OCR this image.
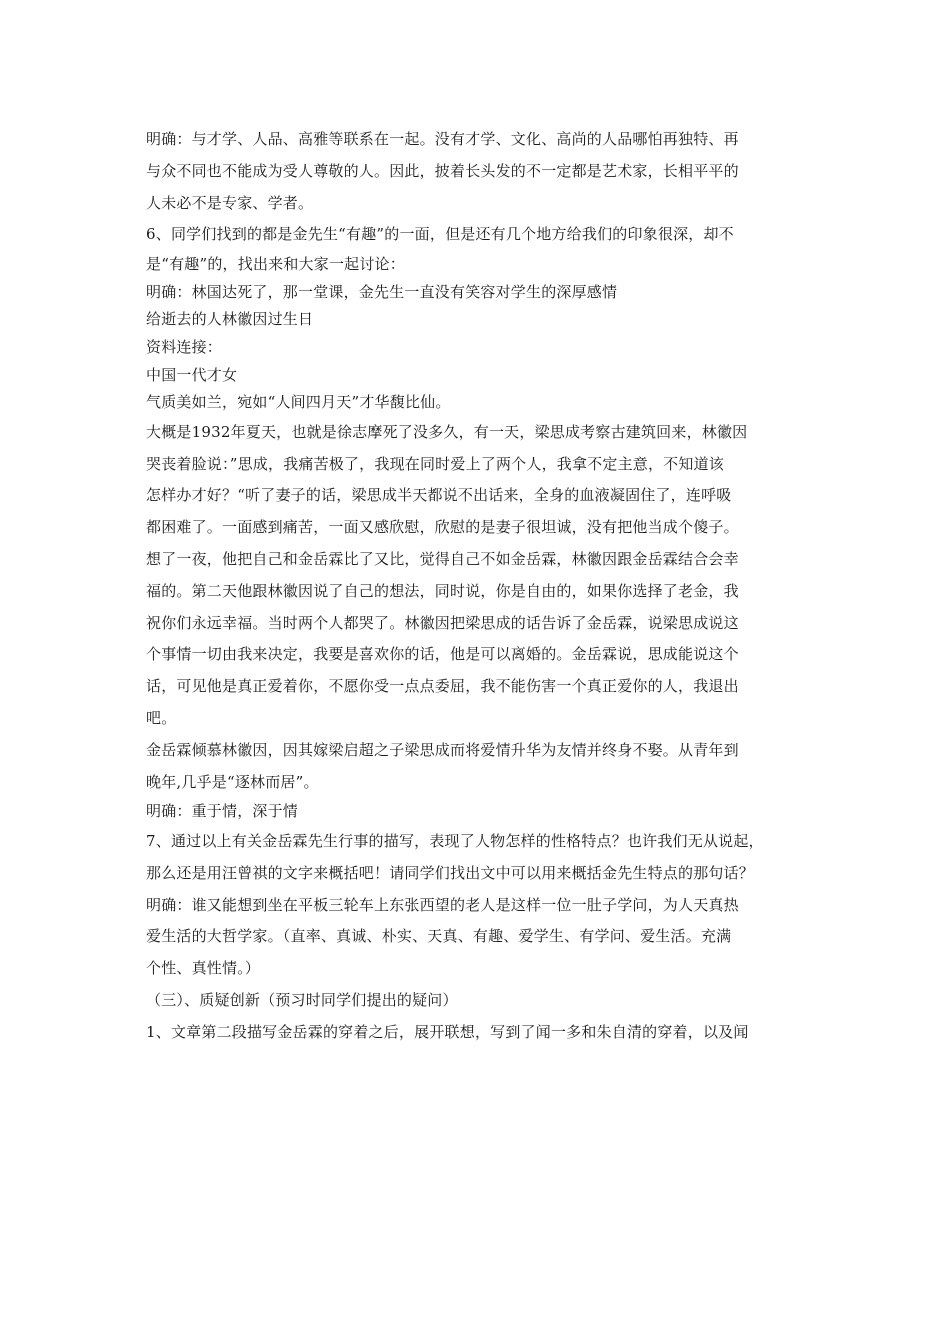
明确：与才学、人品、高雅等联系在一起。没有才学、文化、高尚的人品哪怕再独特、再
与众不同也不能成为受人尊敬的人。因此，披着长头发的不一定都是艺术家，长相平平的
人未必不是专家、学者。
6、同学们找到的都是金先生“有趣”的一面，但是还有几个地方给我们的印象很深，却不
是“有趣”的，找出来和大家一起讨论：
明确：林国达死了，那一堂课，金先生一直没有笑容对学生的深厚感情
给逝去的人林徽因过生日
资料连接：
中国一代才女
气质美如兰，宛如“人间四月天”才华馥比仙。
大概是1932年夏天，也就是徐志摩死了没多久，有一天，梁思成考察古建筑回来，林徽因
哭丧着脸说：”思成，我痛苦极了，我现在同时爱上了两个人，我拿不定主意，不知道该
怎样办才好？“听了妻子的话，梁思成半天都说不出话来，全身的血液凝固住了，连呼吸
都困难了。一面感到痛苦，一面又感欣慰，欣慰的是妻子很坦诚，没有把他当成个傻子。
想了一夜，他把自己和金岳霖比了又比，觉得自己不如金岳霖，林徽因跟金岳霖结合会幸
福的。第二天他跟林徽因说了自己的想法，同时说，你是自由的，如果你选择了老金，我
祝你们永远幸福。当时两个人都哭了。林徽因把梁思成的话告诉了金岳霖，说梁思成说这
个事情一切由我来决定，我要是喜欢你的话，他是可以离婚的。金岳霖说，思成能说这个
话，可见他是真正爱着你，不愿你受一点点委屈，我不能伤害一个真正爱你的人，我退出
吧。
金岳霖倾慕林徽因，因其嫁梁启超之子梁思成而将爱情升华为友情并终身不娶。从青年到
晚年,几乎是“逐林而居”。
明确：重于情，深于情
7、通过以上有关金岳霖先生行事的描写，表现了人物怎样的性格特点？也许我们无从说起，
那么还是用汪曾祺的文字来概括吧！请同学们找出文中可以用来概括金先生特点的那句话？
明确：谁又能想到坐在平板三轮车上东张西望的老人是这样一位一肚子学问，为人天真热
爱生活的大哲学家。（直率、真诚、朴实、天真、有趣、爱学生、有学问、爱生活。充满
个性、真性情。）
（三）、质疑创新（预习时同学们提出的疑问）
1、文章第二段描写金岳霖的穿着之后，展开联想，写到了闻一多和朱自清的穿着，以及闻
